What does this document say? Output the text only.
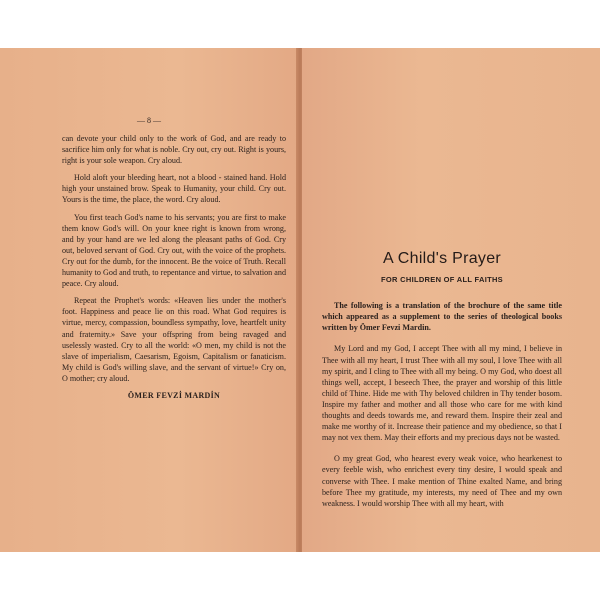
— 8 —

can devote your child only to the work of God, and are ready to sacrifice him only for what is noble. Cry out, cry out. Right is yours, right is your sole weapon. Cry aloud.

Hold aloft your bleeding heart, not a blood - stained hand. Hold high your unstained brow. Speak to Humanity, your child. Cry out. Yours is the time, the place, the word. Cry aloud.

You first teach God's name to his servants; you are first to make them know God's will. On your knee right is known from wrong, and by your hand are we led along the pleasant paths of God. Cry out, beloved servant of God. Cry out, with the voice of the prophets. Cry out for the dumb, for the innocent. Be the voice of Truth. Recall humanity to God and truth, to repentance and virtue, to salvation and peace. Cry aloud.

Repeat the Prophet's words: «Heaven lies under the mother's foot. Happiness and peace lie on this road. What God requires is virtue, mercy, compassion, boundless sympathy, love, heartfelt unity and fraternity.» Save your offspring from being ravaged and uselessly wasted. Cry to all the world: «O men, my child is not the slave of imperialism, Caesarism, Egoism, Capitalism or fanaticism. My child is God's willing slave, and the servant of virtue!» Cry on, O mother; cry aloud.

ÖMER FEVZİ MARDİN
A Child's Prayer
FOR CHILDREN OF ALL FAITHS

The following is a translation of the brochure of the same title which appeared as a supplement to the series of theological books written by Ömer Fevzi Mardin.

My Lord and my God, I accept Thee with all my mind, I believe in Thee with all my heart, I trust Thee with all my soul, I love Thee with all my spirit, and I cling to Thee with all my being. O my God, who doest all things well, accept, I beseech Thee, the prayer and worship of this little child of Thine. Hide me with Thy beloved children in Thy tender bosom. Inspire my father and mother and all those who care for me with kind thoughts and deeds towards me, and reward them. Inspire their zeal and make me worthy of it. Increase their patience and my obedience, so that I may not vex them. May their efforts and my precious days not be wasted.

O my great God, who hearest every weak voice, who hearkenest to every feeble wish, who enrichest every tiny desire, I would speak and converse with Thee. I make mention of Thine exalted Name, and bring before Thee my gratitude, my interests, my need of Thee and my own weakness. I would worship Thee with all my heart, with
